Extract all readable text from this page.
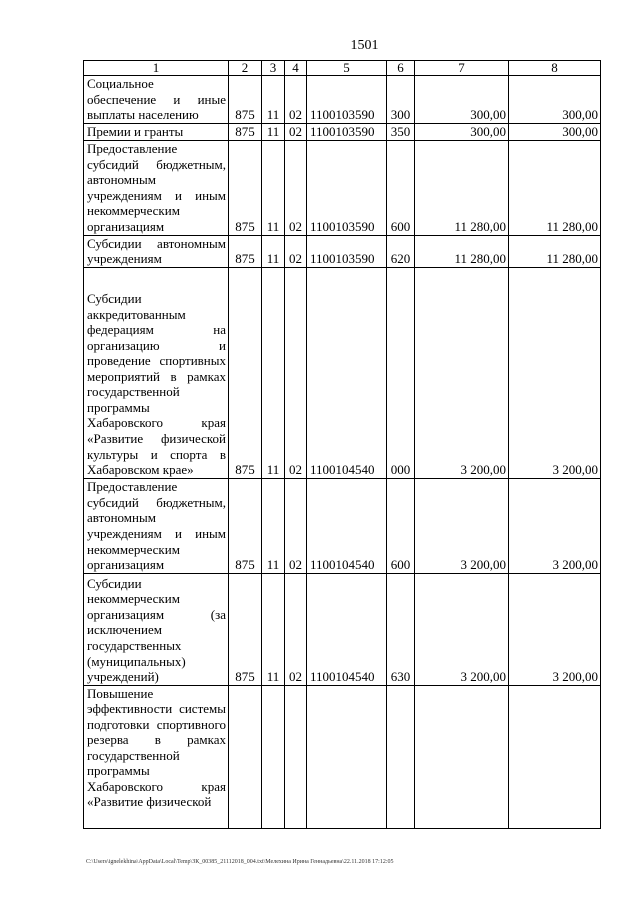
1501
1	2	3	4	5	6	7	8
Социальное обеспечение и иные выплаты населению	875	11	02	1100103590	300	300,00	300,00
Премии и гранты	875	11	02	1100103590	350	300,00	300,00
Предоставление субсидий бюджетным, автономным учреждениям и иным некоммерческим организациям	875	11	02	1100103590	600	11 280,00	11 280,00
Субсидии автономным учреждениям	875	11	02	1100103590	620	11 280,00	11 280,00
Субсидии аккредитованным федерациям на организацию и проведение спортивных мероприятий в рамках государственной программы Хабаровского края «Развитие физической культуры и спорта в Хабаровском крае»	875	11	02	1100104540	000	3 200,00	3 200,00
Предоставление субсидий бюджетным, автономным учреждениям и иным некоммерческим организациям	875	11	02	1100104540	600	3 200,00	3 200,00
Субсидии некоммерческим организациям (за исключением государственных (муниципальных) учреждений)	875	11	02	1100104540	630	3 200,00	3 200,00
Повышение эффективности системы подготовки спортивного резерва в рамках государственной программы Хабаровского края «Развитие физической							
C:\Users\ignelekhina\AppData\Local\Temp\ЗК_00385_21112018_004.txt\Мелехина Ирина Геннадьевна\22.11.2018 17:12:05
